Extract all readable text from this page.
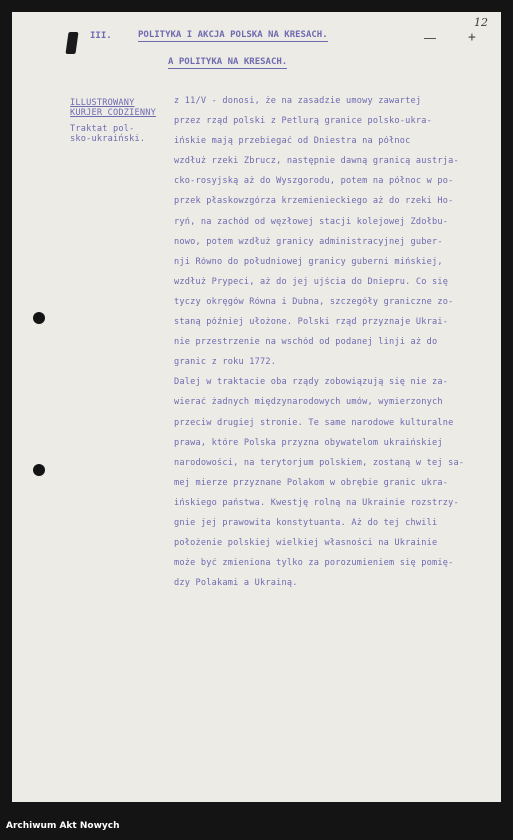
12
+
III.	POLITYKA I AKCJA POLSKA NA KRESACH.
A POLITYKA NA KRESACH.
ILLUSTROWANY
KURJER CODZIENNY
Traktat pol-
sko-ukraiński.
z 11/V - donosi, że na zasadzie umowy zawartej
przez rząd polski z Petlurą granice polsko-ukra-
ińskie mają przebiegać od Dniestra na północ
wzdłuż rzeki Zbrucz, następnie dawną granicą austrja-
cko-rosyjską aż do Wyszgorodu, potem na północ w po-
przek płaskowzgórza krzemienieckiego aż do rzeki Ho-
ryń, na zachód od węzłowej stacji kolejowej Zdołbu-
nowo, potem wzdłuż granicy administracyjnej guber-
nji Równo do południowej granicy guberni mińskiej,
wzdłuż Prypeci, aż do jej ujścia do Dniepru. Co się
tyczy okręgów Równa i Dubna, szczegóły graniczne zo-
staną później ułożone. Polski rząd przyznaje Ukrai-
nie przestrzenie na wschód od podanej linji aż do
granic z roku 1772.
Dalej w traktacie oba rządy zobowiązują się nie za-
wierać żadnych międzynarodowych umów, wymierzonych
przeciw drugiej stronie. Te same narodowe kulturalne
prawa, które Polska przyzna obywatelom ukraińskiej
narodowości, na terytorjum polskiem, zostaną w tej sa-
mej mierze przyznane Polakom w obrębie granic ukra-
ińskiego państwa. Kwestję rolną na Ukrainie rozstrzy-
gnie jej prawowita konstytuanta. Aż do tej chwili
położenie polskiej wielkiej własności na Ukrainie
może być zmieniona tylko za porozumieniem się pomię-
dzy Polakami a Ukrainą.
Archiwum Akt Nowych
